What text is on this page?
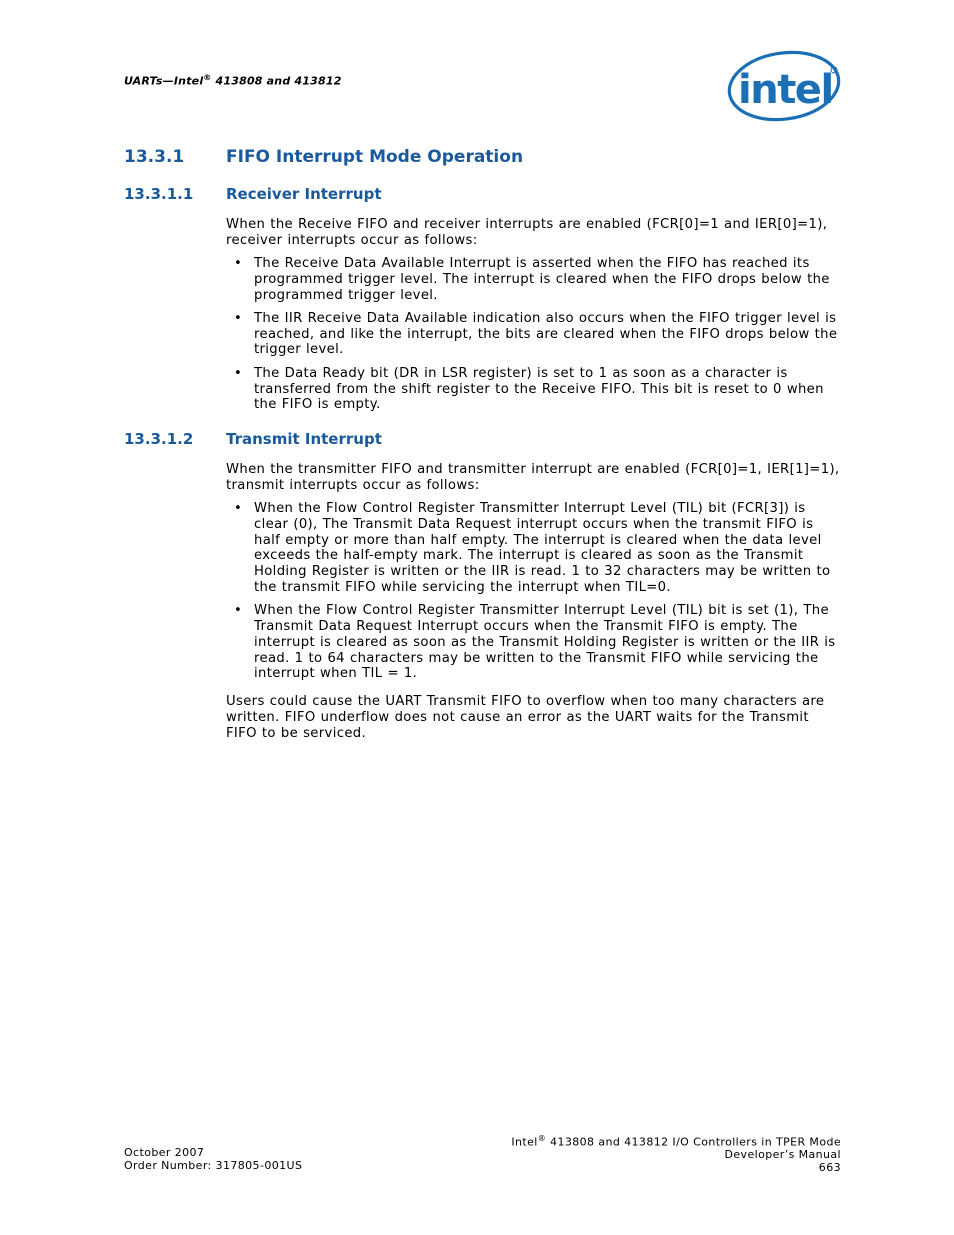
UARTs—Intel® 413808 and 413812	intel
13.3.1 FIFO Interrupt Mode Operation
13.3.1.1 Receiver Interrupt
When the Receive FIFO and receiver interrupts are enabled (FCR[0]=1 and IER[0]=1), receiver interrupts occur as follows:
• The Receive Data Available Interrupt is asserted when the FIFO has reached its programmed trigger level. The interrupt is cleared when the FIFO drops below the programmed trigger level.
• The IIR Receive Data Available indication also occurs when the FIFO trigger level is reached, and like the interrupt, the bits are cleared when the FIFO drops below the trigger level.
• The Data Ready bit (DR in LSR register) is set to 1 as soon as a character is transferred from the shift register to the Receive FIFO. This bit is reset to 0 when the FIFO is empty.
13.3.1.2 Transmit Interrupt
When the transmitter FIFO and transmitter interrupt are enabled (FCR[0]=1, IER[1]=1), transmit interrupts occur as follows:
• When the Flow Control Register Transmitter Interrupt Level (TIL) bit (FCR[3]) is clear (0), The Transmit Data Request interrupt occurs when the transmit FIFO is half empty or more than half empty. The interrupt is cleared when the data level exceeds the half-empty mark. The interrupt is cleared as soon as the Transmit Holding Register is written or the IIR is read. 1 to 32 characters may be written to the transmit FIFO while servicing the interrupt when TIL=0.
• When the Flow Control Register Transmitter Interrupt Level (TIL) bit is set (1), The Transmit Data Request Interrupt occurs when the Transmit FIFO is empty. The interrupt is cleared as soon as the Transmit Holding Register is written or the IIR is read. 1 to 64 characters may be written to the Transmit FIFO while servicing the interrupt when TIL = 1.
Users could cause the UART Transmit FIFO to overflow when too many characters are written. FIFO underflow does not cause an error as the UART waits for the Transmit FIFO to be serviced.
October 2007
Order Number: 317805-001US
Intel® 413808 and 413812 I/O Controllers in TPER Mode
Developer’s Manual
663
